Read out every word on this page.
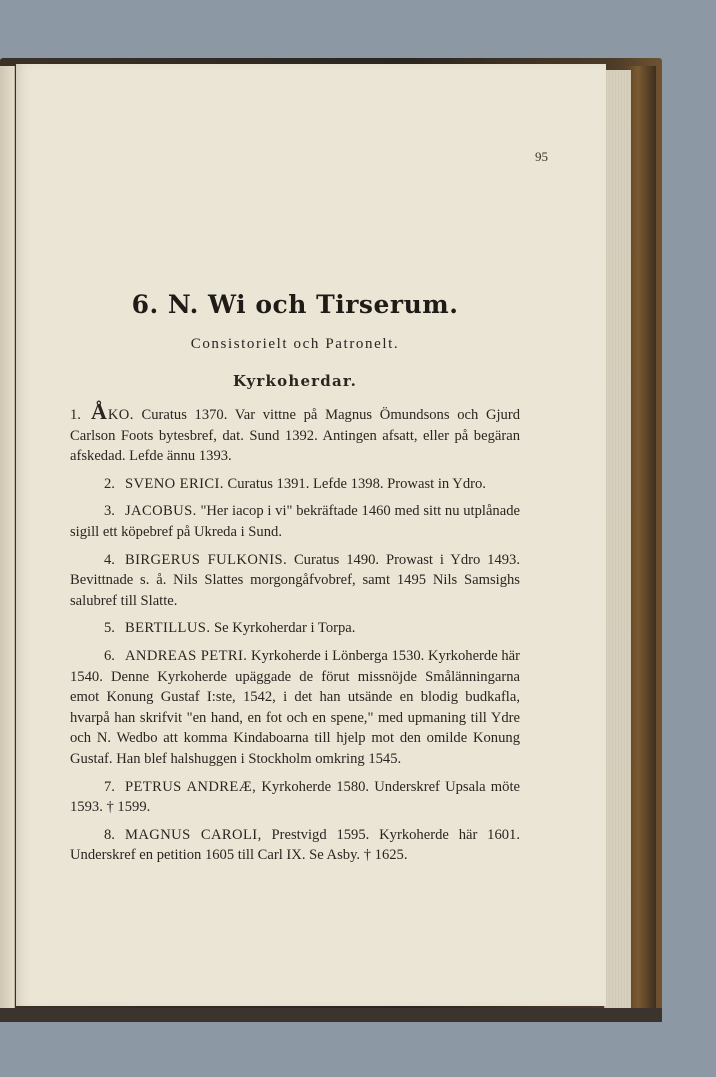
95
6. N. Wi och Tirserum.
Consistorielt och Patronelt.
Kyrkoherdar.

1. ÅKO. Curatus 1370. Var vittne på Magnus Ömundsons och Gjurd Carlson Foots bytesbref, dat. Sund 1392. Antingen afsatt, eller på begäran afskedad. Lefde ännu 1393.

2. SVENO ERICI. Curatus 1391. Lefde 1398. Prowast in Ydro.

3. JACOBUS. "Her iacop i vi" bekräftade 1460 med sitt nu utplånade sigill ett köpebref på Ukreda i Sund.

4. BIRGERUS FULKONIS. Curatus 1490. Prowast i Ydro 1493. Bevittnade s. å. Nils Slattes morgongåfvobref, samt 1495 Nils Samsighs salubref till Slatte.

5. BERTILLUS. Se Kyrkoherdar i Torpa.

6. ANDREAS PETRI. Kyrkoherde i Lönberga 1530. Kyrkoherde här 1540. Denne Kyrkoherde upäggade de förut missnöjde Smålänningarna emot Konung Gustaf I:ste, 1542, i det han utsände en blodig budkafla, hvarpå han skrifvit "en hand, en fot och en spene," med upmaning till Ydre och N. Wedbo att komma Kindaboarna till hjelp mot den omilde Konung Gustaf. Han blef halshuggen i Stockholm omkring 1545.

7. PETRUS ANDREÆ, Kyrkoherde 1580. Underskref Upsala möte 1593. † 1599.

8. MAGNUS CAROLI, Prestvigd 1595. Kyrkoherde här 1601. Underskref en petition 1605 till Carl IX. Se Asby. † 1625.
